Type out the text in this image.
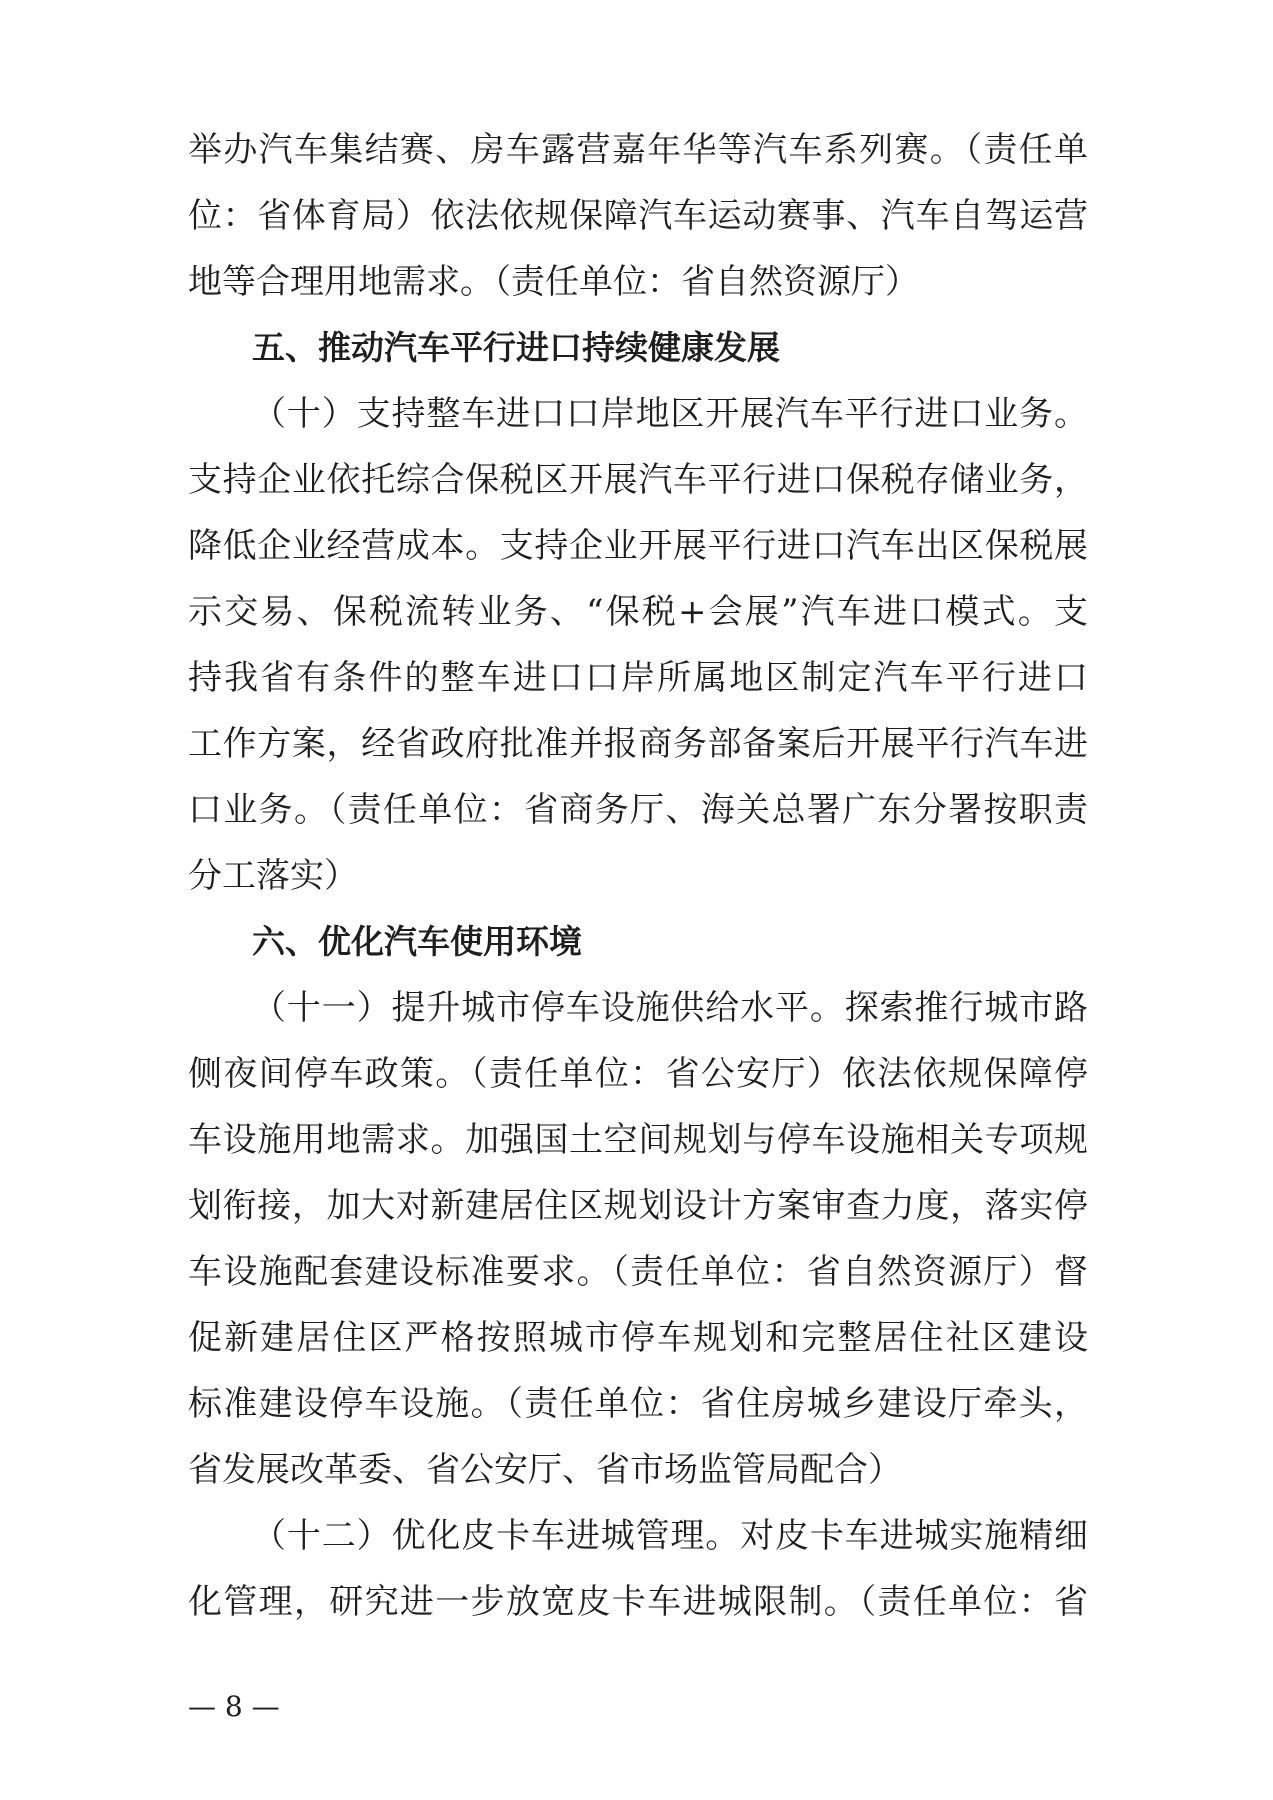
举办汽车集结赛、房车露营嘉年华等汽车系列赛。（责任单
位：省体育局）依法依规保障汽车运动赛事、汽车自驾运营
地等合理用地需求。（责任单位：省自然资源厅）
五、推动汽车平行进口持续健康发展
（十）支持整车进口口岸地区开展汽车平行进口业务。
支持企业依托综合保税区开展汽车平行进口保税存储业务，
降低企业经营成本。支持企业开展平行进口汽车出区保税展
示交易、保税流转业务、“保税+会展”汽车进口模式。支
持我省有条件的整车进口口岸所属地区制定汽车平行进口
工作方案，经省政府批准并报商务部备案后开展平行汽车进
口业务。（责任单位：省商务厅、海关总署广东分署按职责
分工落实）
六、优化汽车使用环境
（十一）提升城市停车设施供给水平。探索推行城市路
侧夜间停车政策。（责任单位：省公安厅）依法依规保障停
车设施用地需求。加强国土空间规划与停车设施相关专项规
划衔接，加大对新建居住区规划设计方案审查力度，落实停
车设施配套建设标准要求。（责任单位：省自然资源厅）督
促新建居住区严格按照城市停车规划和完整居住社区建设
标准建设停车设施。（责任单位：省住房城乡建设厅牵头，
省发展改革委、省公安厅、省市场监管局配合）
（十二）优化皮卡车进城管理。对皮卡车进城实施精细
化管理，研究进一步放宽皮卡车进城限制。（责任单位：省
— 8 —
